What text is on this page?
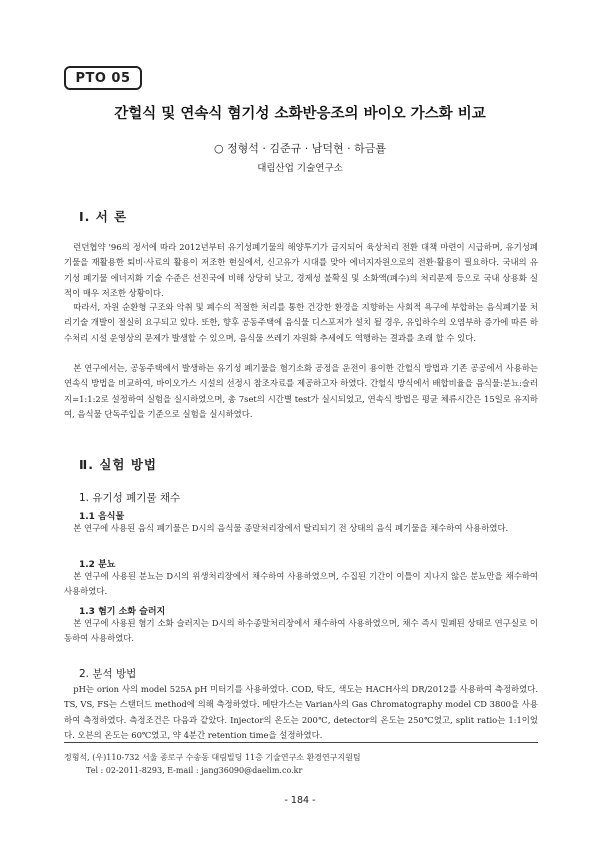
PTO 05
간헐식 및 연속식 혐기성 소화반응조의 바이오 가스화 비교
○ 정형석 · 김준규 · 남덕현 · 하금룔
대림산업 기술연구소
Ⅰ. 서 론

런던협약 '96의 정서에 따라 2012년부터 유기성폐기물의 해양투기가 금지되어 육상처리 전환 대책 마련이 시급하며, 유기성폐기물을 재활용한 퇴비·사료의 활용이 저조한 현실에서, 신고유가 시대를 맞아 에너지자원으로의 전환·활용이 필요하다. 국내의 유기성 폐기물 에너지화 기술 수준은 선진국에 비해 상당히 낮고, 경제성 불확실 및 소화액(폐수)의 처리문제 등으로 국내 상용화 실적이 매우 저조한 상황이다.

따라서, 자원 순환형 구조와 악취 및 폐수의 적절한 처리를 통한 건강한 환경을 지향하는 사회적 욕구에 부합하는 음식폐기물 처리기술 개발이 절실히 요구되고 있다. 또한, 향후 공동주택에 음식물 디스포저가 설치 될 경우, 유입하수의 오염부하 증가에 따른 하수처리 시설 운영상의 문제가 발생할 수 있으며, 음식물 쓰레기 자원화 추세에도 역행하는 결과를 초래 할 수 있다.

본 연구에서는, 공동주택에서 발생하는 유기성 폐기물을 혐기소화 공정을 운전이 용이한 간헐식 방법과 기존 공공에서 사용하는 연속식 방법을 비교하여, 바이오가스 시설의 선정시 참조자료를 제공하고자 하였다. 간헐식 방식에서 배합비율을 음식물:분뇨:슬러지=1:1:2로 설정하여 실험을 실시하였으며, 총 7set의 시간별 test가 실시되었고, 연속식 방법은 평균 체류시간은 15일로 유지하여, 음식물 단독주입을 기준으로 실험을 실시하였다.

Ⅱ. 실험 방법
1. 유기성 폐기물 채수
1.1 음식물

본 연구에 사용된 음식 폐기물은 D시의 음식물 종말처리장에서 탈리되기 전 상태의 음식 폐기물을 채수하여 사용하였다.

1.2 분뇨

본 연구에 사용된 분뇨는 D시의 위생처리장에서 채수하여 사용하였으며, 수집된 기간이 이틀이 지나지 않은 분뇨만을 채수하여 사용하였다.

1.3 혐기 소화 슬러지

본 연구에 사용된 혐기 소화 슬러지는 D시의 하수종말처리장에서 채수하여 사용하였으며, 채수 즉시 밀폐된 상태로 연구실로 이동하여 사용하였다.

2. 분석 방법

pH는 orion 사의 model 525A pH 미터기를 사용하였다. COD, 탁도, 색도는 HACH사의 DR/2012를 사용하여 측정하였다. TS, VS, FS는 스탠더드 method에 의해 측정하였다. 메탄가스는 Varian사의 Gas Chromatography model CD 3800을 사용하여 측정하였다. 측정조건은 다음과 같았다. Injector의 온도는 200℃, detector의 온도는 250℃였고, split ratio는 1:1이었다. 오븐의 온도는 60℃였고, 약 4분간 retention time을 설정하였다.

정형석, (우)110-732 서울 종로구 수송동 대림빌딩 11층 기술연구소 환경연구지원팀
Tel : 02-2011-8293, E-mail : jang36090@daelim.co.kr
- 184 -
